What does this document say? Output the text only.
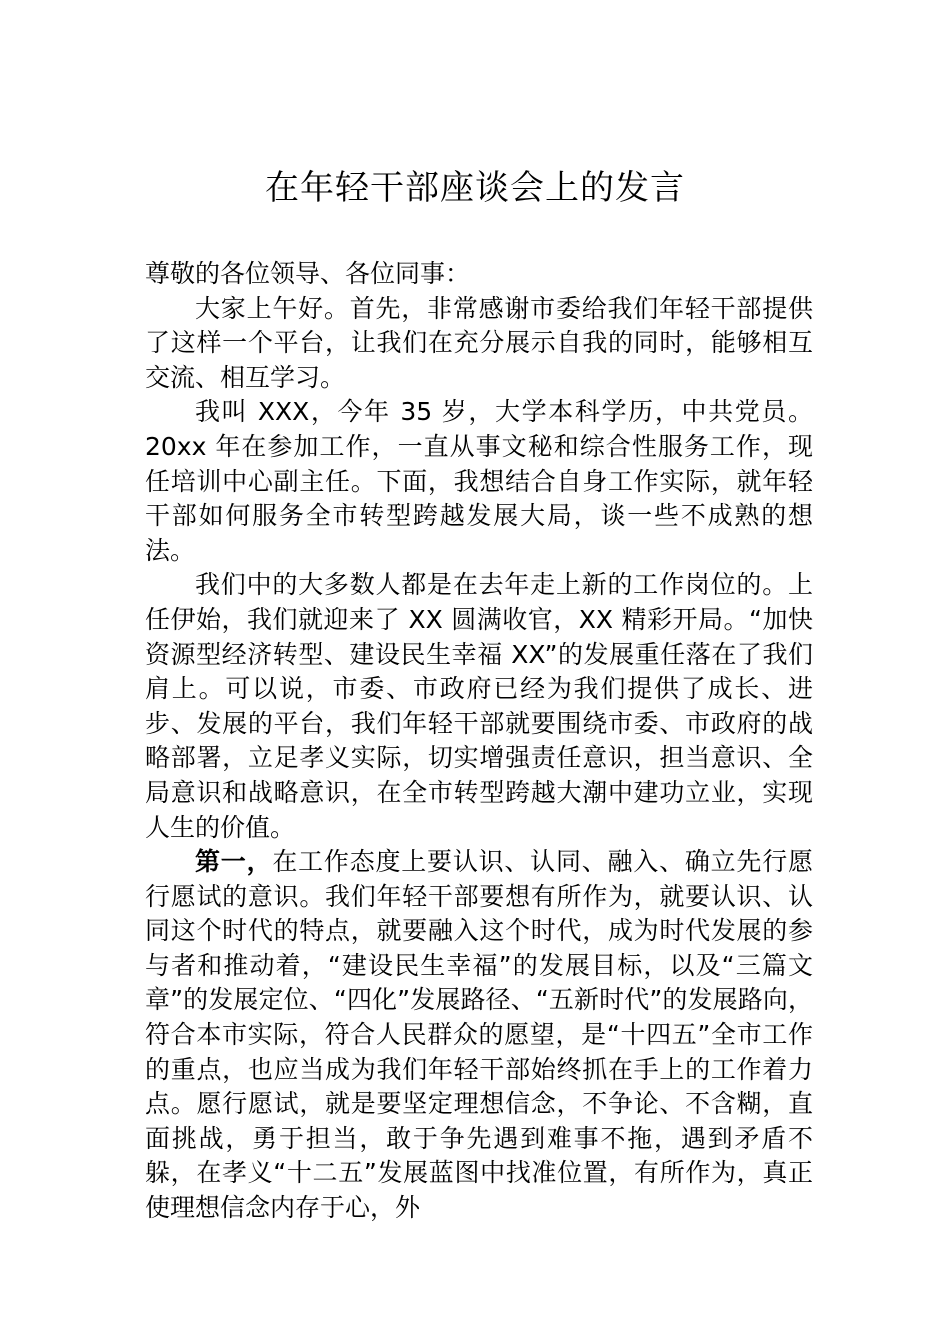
在年轻干部座谈会上的发言

尊敬的各位领导、各位同事：

大家上午好。首先，非常感谢市委给我们年轻干部提供了这样一个平台，让我们在充分展示自我的同时，能够相互交流、相互学习。

我叫 XXX，今年 35 岁，大学本科学历，中共党员。20xx 年在参加工作，一直从事文秘和综合性服务工作，现任培训中心副主任。下面，我想结合自身工作实际，就年轻干部如何服务全市转型跨越发展大局，谈一些不成熟的想法。

我们中的大多数人都是在去年走上新的工作岗位的。上任伊始，我们就迎来了 XX 圆满收官，XX 精彩开局。“加快资源型经济转型、建设民生幸福 XX”的发展重任落在了我们肩上。可以说，市委、市政府已经为我们提供了成长、进步、发展的平台，我们年轻干部就要围绕市委、市政府的战略部署，立足孝义实际，切实增强责任意识，担当意识、全局意识和战略意识，在全市转型跨越大潮中建功立业，实现人生的价值。

第一，在工作态度上要认识、认同、融入、确立先行愿行愿试的意识。我们年轻干部要想有所作为，就要认识、认同这个时代的特点，就要融入这个时代，成为时代发展的参与者和推动着，“建设民生幸福”的发展目标，以及“三篇文章”的发展定位、“四化”发展路径、“五新时代”的发展路向，符合本市实际，符合人民群众的愿望，是“十四五”全市工作的重点，也应当成为我们年轻干部始终抓在手上的工作着力点。愿行愿试，就是要坚定理想信念，不争论、不含糊，直面挑战，勇于担当，敢于争先遇到难事不拖，遇到矛盾不躲，在孝义“十二五”发展蓝图中找准位置，有所作为，真正使理想信念内存于心，外
